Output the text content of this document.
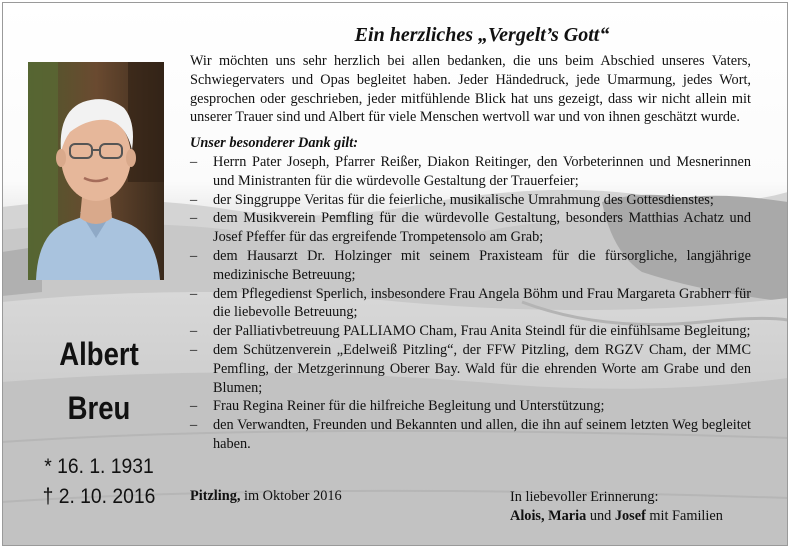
Albert
Breu
* 16. 1. 1931
† 2. 10. 2016
Ein herzliches „Vergelt’s Gott“

Wir möchten uns sehr herzlich bei allen bedanken, die uns beim Abschied unseres Vaters, Schwiegervaters und Opas begleitet haben. Jeder Händedruck, jede Umarmung, jedes Wort, gesprochen oder geschrieben, jeder mitfühlende Blick hat uns gezeigt, dass wir nicht allein mit unserer Trauer sind und Albert für viele Menschen wertvoll war und von ihnen geschätzt wurde.

Unser besonderer Dank gilt:

– Herrn Pater Joseph, Pfarrer Reißer, Diakon Reitinger, den Vorbeterinnen und Mesnerinnen und Ministranten für die würdevolle Gestaltung der Trauerfeier;
– der Singgruppe Veritas für die feierliche, musikalische Umrahmung des Gottesdienstes;
– dem Musikverein Pemfling für die würdevolle Gestaltung, besonders Matthias Achatz und Josef Pfeffer für das ergreifende Trompetensolo am Grab;
– dem Hausarzt Dr. Holzinger mit seinem Praxisteam für die fürsorgliche, langjährige medizinische Betreuung;
– dem Pflegedienst Sperlich, insbesondere Frau Angela Böhm und Frau Margareta Grabherr für die liebevolle Betreuung;
– der Palliativbetreuung PALLIAMO Cham, Frau Anita Steindl für die einfühlsame Begleitung;
– dem Schützenverein „Edelweiß Pitzling“, der FFW Pitzling, dem RGZV Cham, der MMC Pemfling, der Metzgerinnung Oberer Bay. Wald für die ehrenden Worte am Grabe und den Blumen;
– Frau Regina Reiner für die hilfreiche Begleitung und Unterstützung;
– den Verwandten, Freunden und Bekannten und allen, die ihn auf seinem letzten Weg begleitet haben.
Pitzling, im Oktober 2016	In liebevoller Erinnerung:
Alois, Maria und Josef mit Familien
